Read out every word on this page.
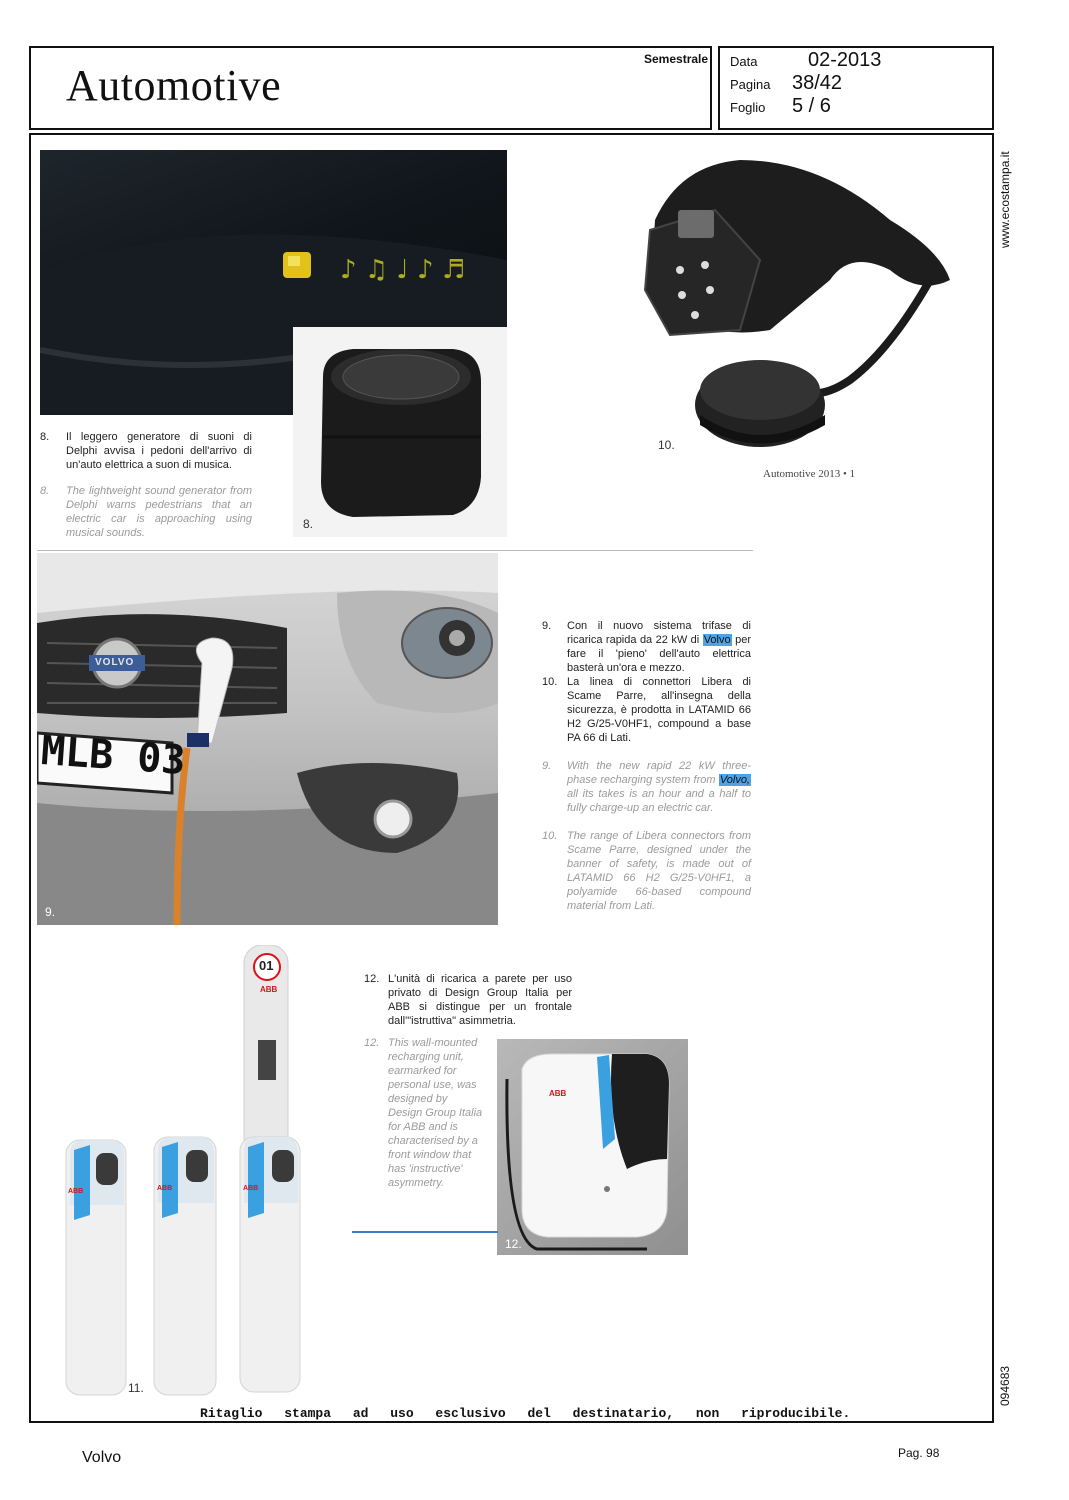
Automotive
Semestrale Data	02-2013
Pagina 38/42
Foglio 5 / 6
www.ecostampa.it
094683
♪ ♫ ♩ ♪ ♬
8.
8. Il leggero generatore di suoni di Delphi avvisa i pedoni dell'arrivo di un'auto elettrica a suon di musica.
8. The lightweight sound generator from Delphi warns pedestrians that an electric car is approaching using musical sounds.
10.
Automotive 2013 • 1
VOLVO
MLB 03
9.
9. Con il nuovo sistema trifase di ricarica rapida da 22 kW di Volvo per fare il 'pieno' dell'auto elettrica basterà un'ora e mezzo.
10. La linea di connettori Libera di Scame Parre, all'insegna della sicurezza, è prodotta in LATAMID 66 H2 G/25-V0HF1, compound a base PA 66 di Lati.
9. With the new rapid 22 kW three-phase recharging system from Volvo, all its takes is an hour and a half to fully charge-up an electric car.
10. The range of Libera connectors from Scame Parre, designed under the banner of safety, is made out of LATAMID 66 H2 G/25-V0HF1, a polyamide 66-based compound material from Lati.
01
ABB
ABB	ABB	ABB
11.
12. L'unità di ricarica a parete per uso privato di Design Group Italia per ABB si distingue per un frontale dall'"istruttiva" asimmetria.
12. This wall-mounted recharging unit, earmarked for personal use, was designed by Design Group Italia for ABB and is characterised by a front window that has 'instructive' asymmetry.
ABB
12.
Ritaglio stampa ad uso esclusivo del destinatario, non riproducibile.
Volvo	Pag. 98
